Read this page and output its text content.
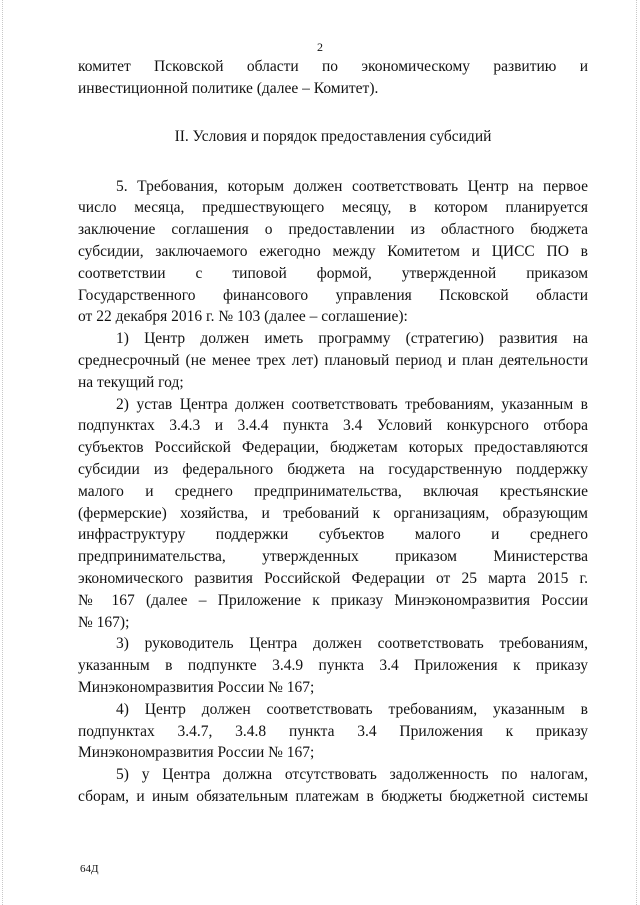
2
комитет Псковской области по экономическому развитию и
инвестиционной политике (далее – Комитет).
II. Условия и порядок предоставления субсидий
5. Требования, которым должен соответствовать Центр на первое
число месяца, предшествующего месяцу, в котором планируется
заключение соглашения о предоставлении из областного бюджета
субсидии, заключаемого ежегодно между Комитетом и ЦИСС ПО в
соответствии с типовой формой, утвержденной приказом
Государственного финансового управления Псковской области
от 22 декабря 2016 г. № 103 (далее – соглашение):
1) Центр должен иметь программу (стратегию) развития на
среднесрочный (не менее трех лет) плановый период и план деятельности
на текущий год;
2) устав Центра должен соответствовать требованиям, указанным в
подпунктах 3.4.3 и 3.4.4 пункта 3.4 Условий конкурсного отбора
субъектов Российской Федерации, бюджетам которых предоставляются
субсидии из федерального бюджета на государственную поддержку
малого и среднего предпринимательства, включая крестьянские
(фермерские) хозяйства, и требований к организациям, образующим
инфраструктуру поддержки субъектов малого и среднего
предпринимательства, утвержденных приказом Министерства
экономического развития Российской Федерации от 25 марта 2015 г.
№ 167 (далее – Приложение к приказу Минэкономразвития России
№ 167);
3) руководитель Центра должен соответствовать требованиям,
указанным в подпункте 3.4.9 пункта 3.4 Приложения к приказу
Минэкономразвития России № 167;
4) Центр должен соответствовать требованиям, указанным в
подпунктах 3.4.7, 3.4.8 пункта 3.4 Приложения к приказу
Минэкономразвития России № 167;
5) у Центра должна отсутствовать задолженность по налогам,
сборам, и иным обязательным платежам в бюджеты бюджетной системы
64Д
